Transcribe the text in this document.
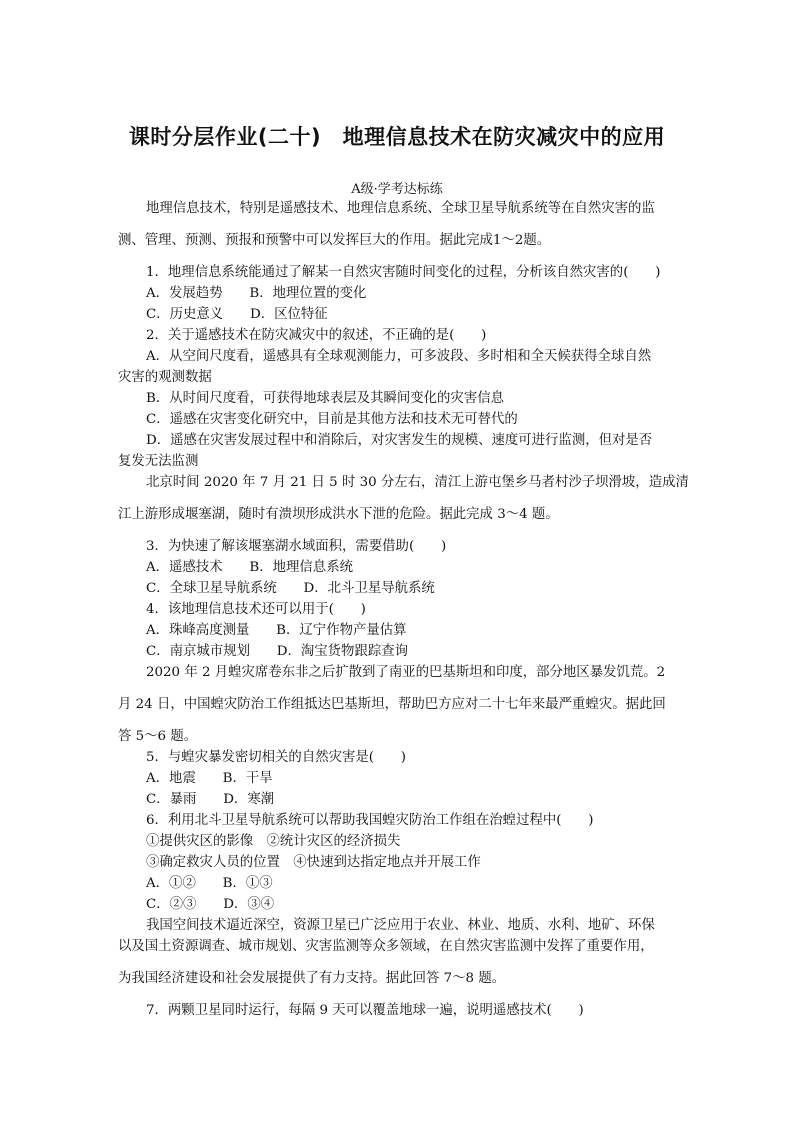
课时分层作业(二十)　地理信息技术在防灾减灾中的应用
A级·学考达标练
地理信息技术，特别是遥感技术、地理信息系统、全球卫星导航系统等在自然灾害的监
测、管理、预测、预报和预警中可以发挥巨大的作用。据此完成1～2题。
1．地理信息系统能通过了解某一自然灾害随时间变化的过程，分析该自然灾害的(　　)
A．发展趋势　　B．地理位置的变化
C．历史意义　　D．区位特征
2．关于遥感技术在防灾减灾中的叙述，不正确的是(　　)
A．从空间尺度看，遥感具有全球观测能力，可多波段、多时相和全天候获得全球自然
灾害的观测数据
B．从时间尺度看，可获得地球表层及其瞬间变化的灾害信息
C．遥感在灾害变化研究中，目前是其他方法和技术无可替代的
D．遥感在灾害发展过程中和消除后，对灾害发生的规模、速度可进行监测，但对是否
复发无法监测
北京时间 2020 年 7 月 21 日 5 时 30 分左右，清江上游屯堡乡马者村沙子坝滑坡，造成清
江上游形成堰塞湖，随时有溃坝形成洪水下泄的危险。据此完成 3～4 题。
3．为快速了解该堰塞湖水域面积，需要借助(　　)
A．遥感技术　　B．地理信息系统
C．全球卫星导航系统　　D．北斗卫星导航系统
4．该地理信息技术还可以用于(　　)
A．珠峰高度测量　　B．辽宁作物产量估算
C．南京城市规划　　D．淘宝货物跟踪查询
2020 年 2 月蝗灾席卷东非之后扩散到了南亚的巴基斯坦和印度，部分地区暴发饥荒。2
月 24 日，中国蝗灾防治工作组抵达巴基斯坦，帮助巴方应对二十七年来最严重蝗灾。据此回
答 5～6 题。
5．与蝗灾暴发密切相关的自然灾害是(　　)
A．地震　　B．干旱
C．暴雨　　D．寒潮
6．利用北斗卫星导航系统可以帮助我国蝗灾防治工作组在治蝗过程中(　　)
①提供灾区的影像　②统计灾区的经济损失
③确定救灾人员的位置　④快速到达指定地点并开展工作
A．①②　　B．①③
C．②③　　D．③④
我国空间技术逼近深空，资源卫星已广泛应用于农业、林业、地质、水利、地矿、环保
以及国土资源调查、城市规划、灾害监测等众多领域，在自然灾害监测中发挥了重要作用，
为我国经济建设和社会发展提供了有力支持。据此回答 7～8 题。
7．两颗卫星同时运行，每隔 9 天可以覆盖地球一遍，说明遥感技术(　　)
